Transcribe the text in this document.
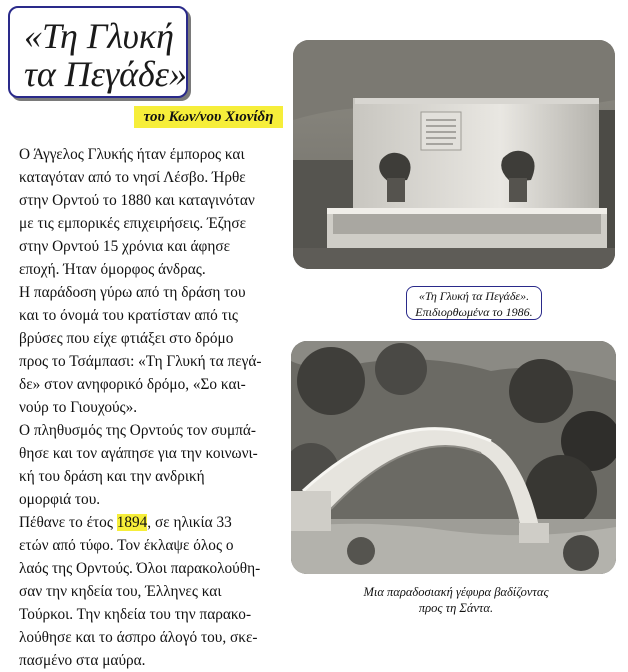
«Τη Γλυκή
τα Πεγάδε»
του Κων/νου Χιονίδη
Ο Άγγελος Γλυκής ήταν έμπορος και
καταγόταν από το νησί Λέσβο. Ήρθε
στην Ορντού το 1880 και καταγινόταν
με τις εμπορικές επιχειρήσεις. Έζησε
στην Ορντού 15 χρόνια και άφησε
εποχή. Ήταν όμορφος άνδρας.
Η παράδοση γύρω από τη δράση του
και το όνομά του κρατίσταν από τις
βρύσες που είχε φτιάξει στο δρόμο
προς το Τσάμπασι: «Τη Γλυκή τα πεγά-
δε» στον ανηφορικό δρόμο, «Σο και-
νούρ το Γιουχούς».
Ο πληθυσμός της Ορντούς τον συμπά-
θησε και τον αγάπησε για την κοινωνι-
κή του δράση και την ανδρική
ομορφιά του.
Πέθανε το έτος 1894, σε ηλικία 33
ετών από τύφο. Τον έκλαψε όλος ο
λαός της Ορντούς. Όλοι παρακολούθη-
σαν την κηδεία του, Έλληνες και
Τούρκοι. Την κηδεία του την παρακο-
λούθησε και το άσπρο άλογό του, σκε-
πασμένο στα μαύρα.
«Τη Γλυκή τα Πεγάδε».
Επιδιορθωμένα το 1986.
Μια παραδοσιακή γέφυρα βαδίζοντας
προς τη Σάντα.
